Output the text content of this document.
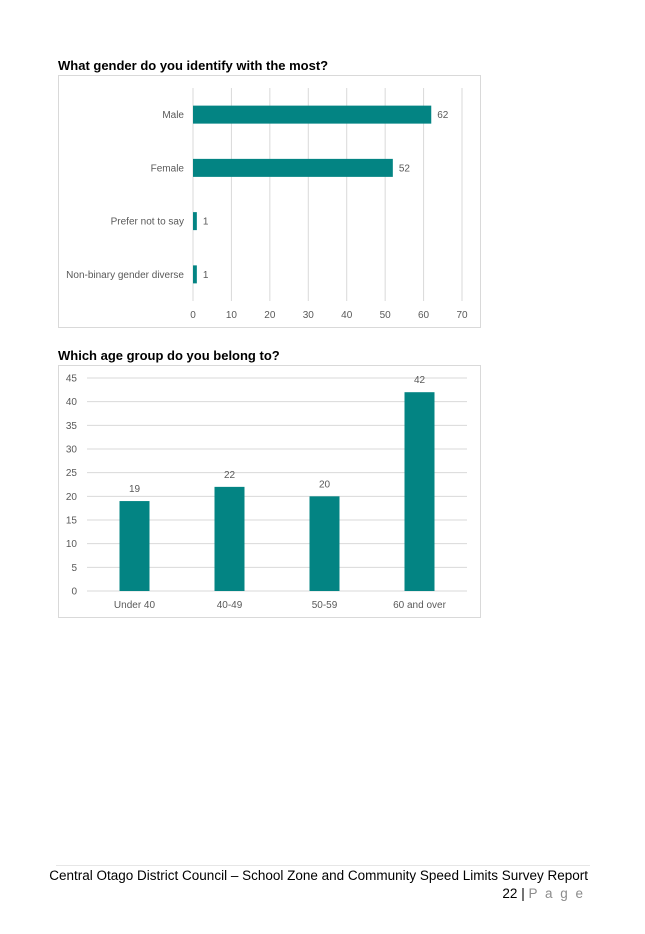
What gender do you identify with the most?
0	10	20	30	40	50	60	70
Male	62
Female	52
Prefer not to say 1
Non-binary gender diverse 1
Which age group do you belong to?
0
5
10
15
20
25
30
35
40
45
19
Under 40
22
40-49
20
50-59
42
60 and over
Central Otago District Council – School Zone and Community Speed Limits Survey Report
22 | P a g e
